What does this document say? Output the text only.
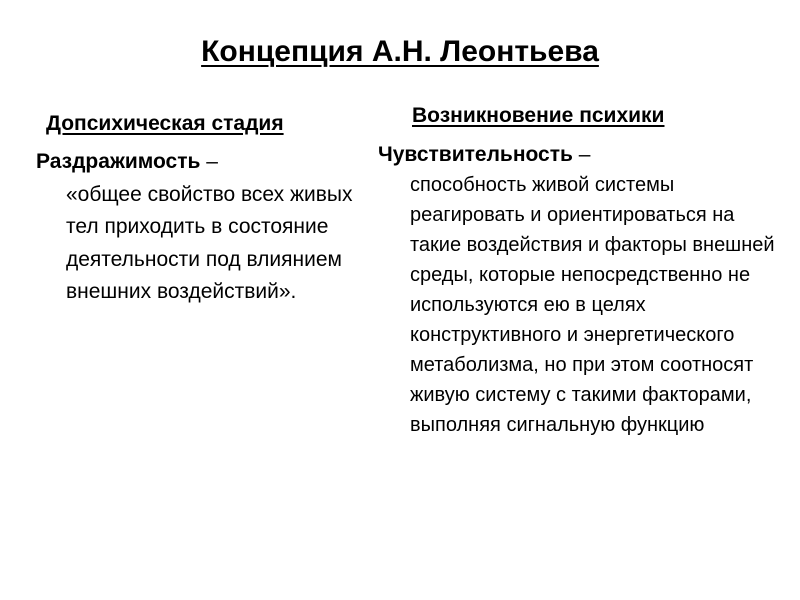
Концепция А.Н. Леонтьева
Допсихическая стадия	Возникновение психики
Раздражимость –
«общее свойство всех живых тел приходить в состояние деятельности под влиянием внешних воздействий».
Чувствительность –
способность живой системы реагировать и ориентироваться на такие воздействия и факторы внешней среды, которые непосредственно не используются ею в целях конструктивного и энергетического метаболизма, но при этом соотносят живую систему с такими факторами, выполняя сигнальную функцию
